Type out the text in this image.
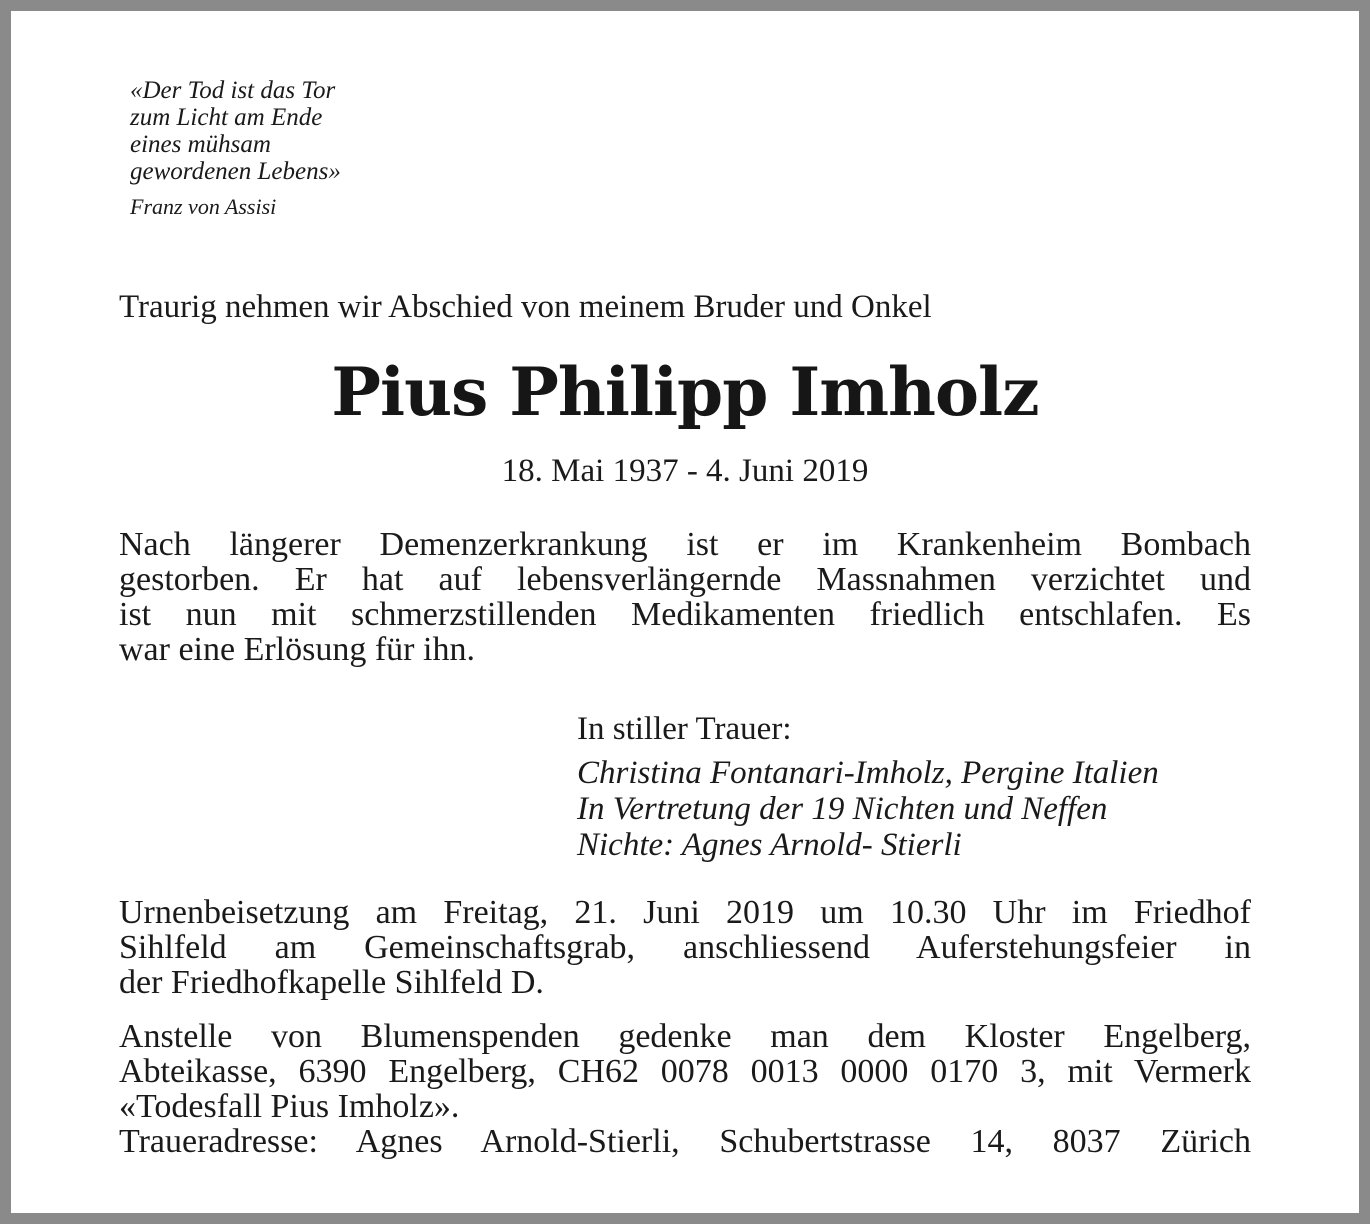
«Der Tod ist das Tor
zum Licht am Ende
eines mühsam
gewordenen Lebens»
Franz von Assisi
Traurig nehmen wir Abschied von meinem Bruder und Onkel
Pius Philipp Imholz
18. Mai 1937 - 4. Juni 2019
Nach längerer Demenzerkrankung ist er im Krankenheim Bombach
gestorben. Er hat auf lebensverlängernde Massnahmen verzichtet und
ist nun mit schmerzstillenden Medikamenten friedlich entschlafen. Es
war eine Erlösung für ihn.
In stiller Trauer:
Christina Fontanari-Imholz, Pergine Italien
In Vertretung der 19 Nichten und Neffen
Nichte: Agnes Arnold- Stierli
Urnenbeisetzung am Freitag, 21. Juni 2019 um 10.30 Uhr im Friedhof
Sihlfeld am Gemeinschaftsgrab, anschliessend Auferstehungsfeier in
der Friedhofkapelle Sihlfeld D.
Anstelle von Blumenspenden gedenke man dem Kloster Engelberg,
Abteikasse, 6390 Engelberg, CH62 0078 0013 0000 0170 3, mit Vermerk
«Todesfall Pius Imholz».
Traueradresse: Agnes Arnold-Stierli, Schubertstrasse 14, 8037 Zürich
